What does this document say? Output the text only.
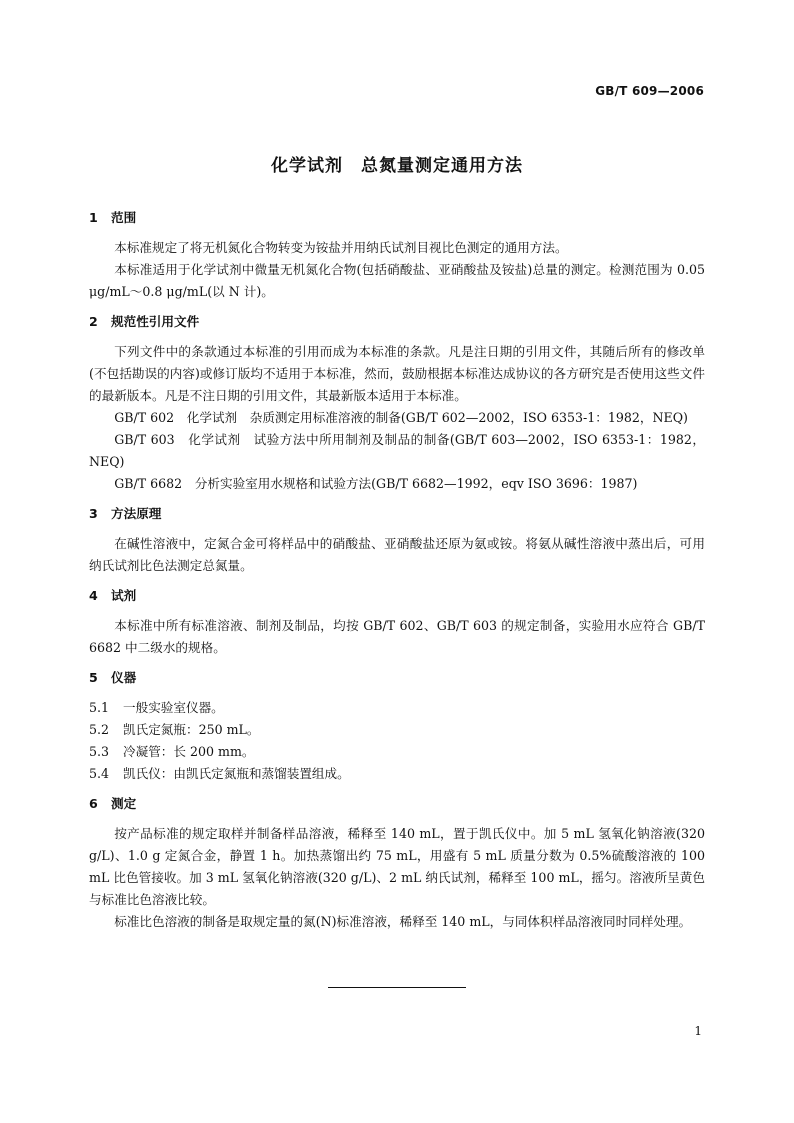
GB/T 609—2006
化学试剂　总氮量测定通用方法
1 范围

本标准规定了将无机氮化合物转变为铵盐并用纳氏试剂目视比色测定的通用方法。

本标准适用于化学试剂中微量无机氮化合物(包括硝酸盐、亚硝酸盐及铵盐)总量的测定。检测范围为 0.05 μg/mL～0.8 μg/mL(以 N 计)。

2 规范性引用文件

下列文件中的条款通过本标准的引用而成为本标准的条款。凡是注日期的引用文件，其随后所有的修改单(不包括勘误的内容)或修订版均不适用于本标准，然而，鼓励根据本标准达成协议的各方研究是否使用这些文件的最新版本。凡是不注日期的引用文件，其最新版本适用于本标准。

GB/T 602　化学试剂　杂质测定用标准溶液的制备(GB/T 602—2002，ISO 6353-1：1982，NEQ)

GB/T 603　化学试剂　试验方法中所用制剂及制品的制备(GB/T 603—2002，ISO 6353-1：1982，NEQ)

GB/T 6682　分析实验室用水规格和试验方法(GB/T 6682—1992，eqv ISO 3696：1987)

3 方法原理

在碱性溶液中，定氮合金可将样品中的硝酸盐、亚硝酸盐还原为氨或铵。将氨从碱性溶液中蒸出后，可用纳氏试剂比色法测定总氮量。

4 试剂

本标准中所有标准溶液、制剂及制品，均按 GB/T 602、GB/T 603 的规定制备，实验用水应符合 GB/T 6682 中二级水的规格。

5 仪器
5.1 一般实验室仪器。
5.2 凯氏定氮瓶：250 mL。
5.3 冷凝管：长 200 mm。
5.4 凯氏仪：由凯氏定氮瓶和蒸馏装置组成。
6 测定

按产品标准的规定取样并制备样品溶液，稀释至 140 mL，置于凯氏仪中。加 5 mL 氢氧化钠溶液(320 g/L)、1.0 g 定氮合金，静置 1 h。加热蒸馏出约 75 mL，用盛有 5 mL 质量分数为 0.5%硫酸溶液的 100 mL 比色管接收。加 3 mL 氢氧化钠溶液(320 g/L)、2 mL 纳氏试剂，稀释至 100 mL，摇匀。溶液所呈黄色与标准比色溶液比较。

标准比色溶液的制备是取规定量的氮(N)标准溶液，稀释至 140 mL，与同体积样品溶液同时同样处理。

1
